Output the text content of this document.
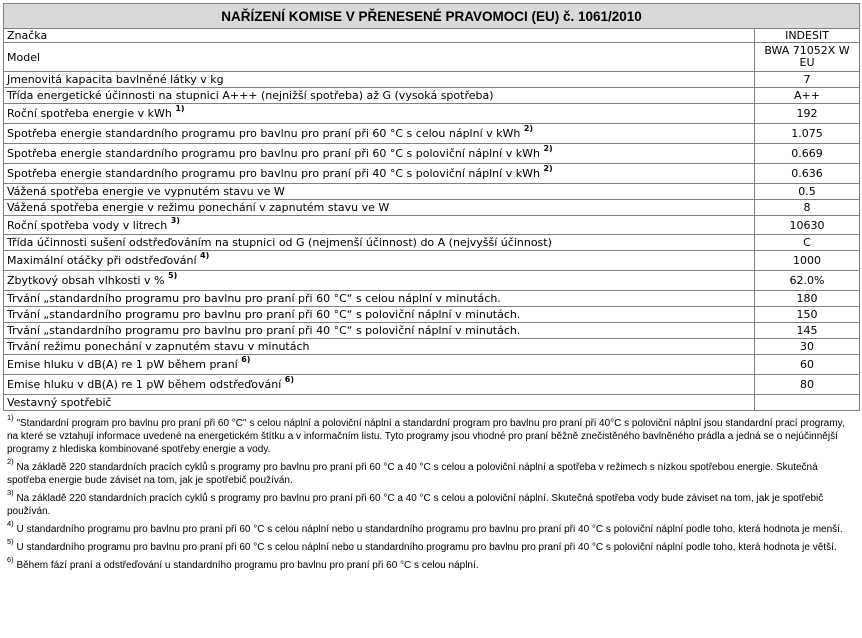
NAŘÍZENÍ KOMISE V PŘENESENÉ PRAVOMOCI (EU) č. 1061/2010	
Značka	INDESIT
Model	BWA 71052X W EU
Jmenovitá kapacita bavlněné látky v kg	7
Třída energetické účinnosti na stupnici A+++ (nejnižší spotřeba) až G (vysoká spotřeba)	A++
Roční spotřeba energie v kWh $^{1)}$	192
Spotřeba energie standardního programu pro bavlnu pro praní při 60 °C s celou náplní v kWh $^{2)}$	1.075
Spotřeba energie standardního programu pro bavlnu pro praní při 60 °C s poloviční náplní v kWh $^{2)}$	0.669
Spotřeba energie standardního programu pro bavlnu pro praní při 40 °C s poloviční náplní v kWh $^{2)}$	0.636
Vážená spotřeba energie ve vypnutém stavu ve W	0.5
Vážená spotřeba energie v režimu ponechání v zapnutém stavu ve W	8
Roční spotřeba vody v litrech $^{3)}$	10630
Třída účinnosti sušení odstřeďováním na stupnici od G (nejmenší účinnost) do A (nejvyšší účinnost)	C
Maximální otáčky při odstřeďování $^{4)}$	1000
Zbytkový obsah vlhkosti v % $^{5)}$	62.0%
Trvání „standardního programu pro bavlnu pro praní při 60 °C“ s celou náplní v minutách.	180
Trvání „standardního programu pro bavlnu pro praní při 60 °C“ s poloviční náplní v minutách.	150
Trvání „standardního programu pro bavlnu pro praní při 40 °C“ s poloviční náplní v minutách.	145
Trvání režimu ponechání v zapnutém stavu v minutách	30
Emise hluku v dB(A) re 1 pW během praní $^{6)}$	60
Emise hluku v dB(A) re 1 pW během odstřeďování $^{6)}$	80
Vestavný spotřebič	
$^{1)}$ "Standardní program pro bavlnu pro praní při 60 °C" s celou náplní a poloviční náplní a standardní program pro bavlnu pro praní při 40°C s poloviční náplní jsou standardní prací programy, na které se vztahují informace uvedené na energetickém štítku a v informačním listu. Tyto programy jsou vhodné pro praní běžně znečistěného bavlněného prádla a jedná se o nejúčinnější programy z hlediska kombinované spotřeby energie a vody.
$^{2)}$ Na základě 220 standardních pracích cyklů s programy pro bavlnu pro praní při 60 °C a 40 °C s celou a poloviční náplní a spotřeba v režimech s nízkou spotřebou energie. Skutečná spotřeba energie bude záviset na tom, jak je spotřebič používán.
$^{3)}$ Na základě 220 standardních pracích cyklů s programy pro bavlnu pro praní při 60 °C a 40 °C s celou a poloviční náplní. Skutečná spotřeba vody bude záviset na tom, jak je spotřebič používán.
$^{4)}$ U standardního programu pro bavlnu pro praní při 60 °C s celou náplní nebo u standardního programu pro bavlnu pro praní při 40 °C s poloviční náplní podle toho, která hodnota je menší.
$^{5)}$ U standardního programu pro bavlnu pro praní při 60 °C s celou náplní nebo u standardního programu pro bavlnu pro praní při 40 °C s poloviční náplní podle toho, která hodnota je větší.
$^{6)}$ Během fází praní a odstřeďování u standardního programu pro bavlnu pro praní při 60 °C s celou náplní.
